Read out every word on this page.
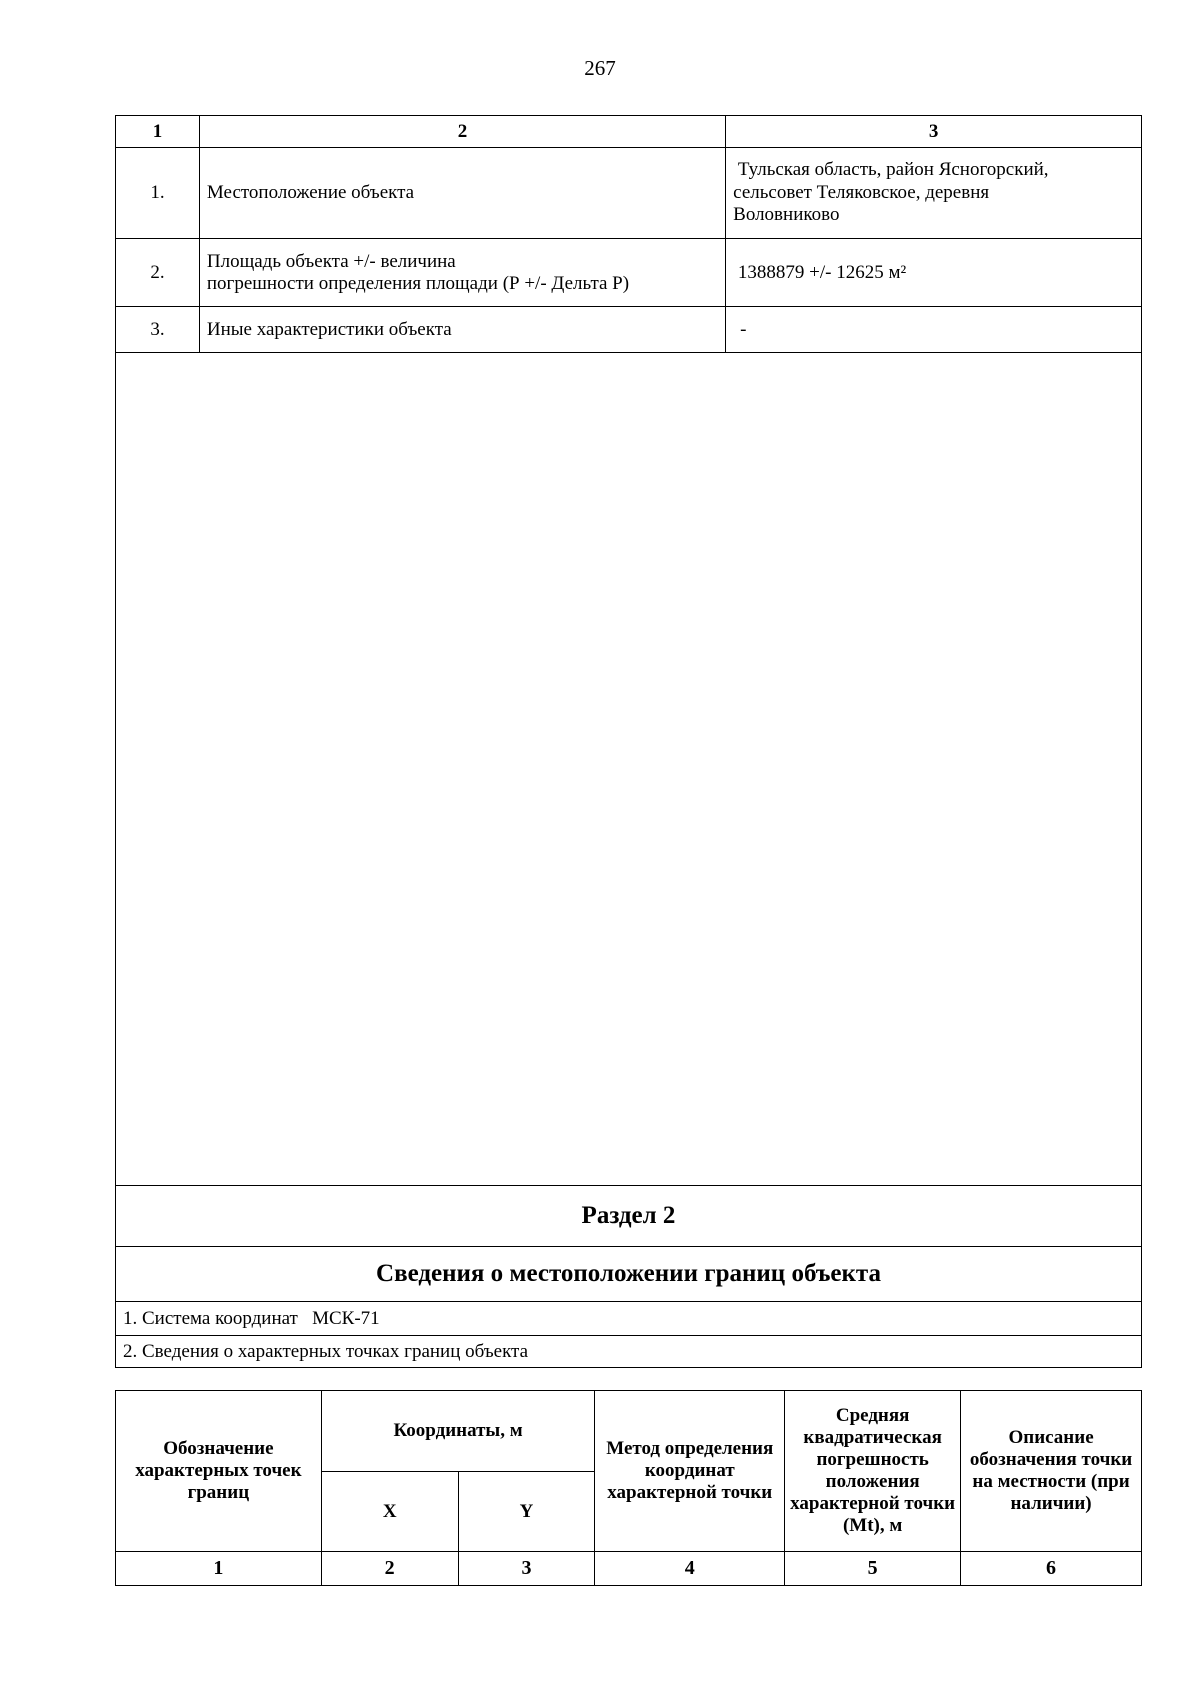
267
1	2	3
1.	Местоположение объекта	Тульская область, район Ясногорский,
сельсовет Теляковское, деревня
Воловниково
2.	Площадь объекта +/- величина
погрешности определения площади (Р +/- Дельта Р)	1388879 +/- 12625 м²
3.	Иные характеристики объекта	-

Раздел 2		
Сведения о местоположении границ объекта		
1. Система координат   МСК-71		
2. Сведения о характерных точках границ объекта		
Обозначение характерных точек границ	Координаты, м		Метод определения координат характерной точки	Средняя квадратическая погрешность положения характерной точки (Mt), м	Описание обозначения точки на местности (при наличии)
	X	Y			
1	2	3	4	5	6
